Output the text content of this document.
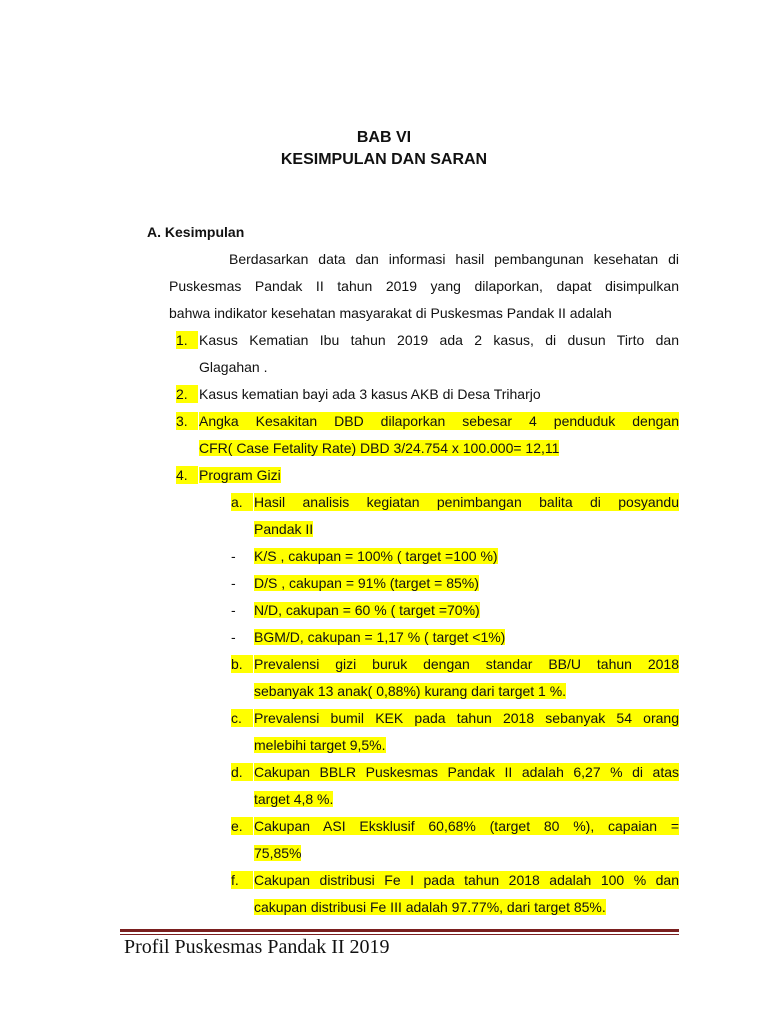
BAB VI
KESIMPULAN DAN SARAN
A. Kesimpulan
Berdasarkan data dan informasi hasil pembangunan kesehatan di
Puskesmas Pandak II tahun 2019 yang dilaporkan, dapat disimpulkan
bahwa indikator kesehatan masyarakat di Puskesmas Pandak II adalah
1. Kasus Kematian Ibu tahun 2019 ada 2 kasus, di dusun Tirto dan
Glagahan .
2. Kasus kematian bayi ada 3 kasus AKB di Desa Triharjo
3. Angka Kesakitan DBD dilaporkan sebesar 4 penduduk dengan
CFR( Case Fetality Rate) DBD 3/24.754 x 100.000= 12,11
4. Program Gizi
a. Hasil analisis kegiatan penimbangan balita di posyandu
Pandak II
- K/S , cakupan = 100% ( target =100 %)
- D/S , cakupan = 91% (target = 85%)
- N/D, cakupan = 60 % ( target =70%)
- BGM/D, cakupan = 1,17 % ( target <1%)
b. Prevalensi gizi buruk dengan standar BB/U tahun 2018
sebanyak 13 anak( 0,88%) kurang dari target 1 %.
c. Prevalensi bumil KEK pada tahun 2018 sebanyak 54 orang
melebihi target 9,5%.
d. Cakupan BBLR Puskesmas Pandak II adalah 6,27 % di atas
target 4,8 %.
e. Cakupan ASI Eksklusif 60,68% (target 80 %), capaian =
75,85%
f.	Cakupan distribusi Fe I pada tahun 2018 adalah 100 % dan
cakupan distribusi Fe III adalah 97.77%, dari target 85%.
Profil Puskesmas Pandak II 2019
